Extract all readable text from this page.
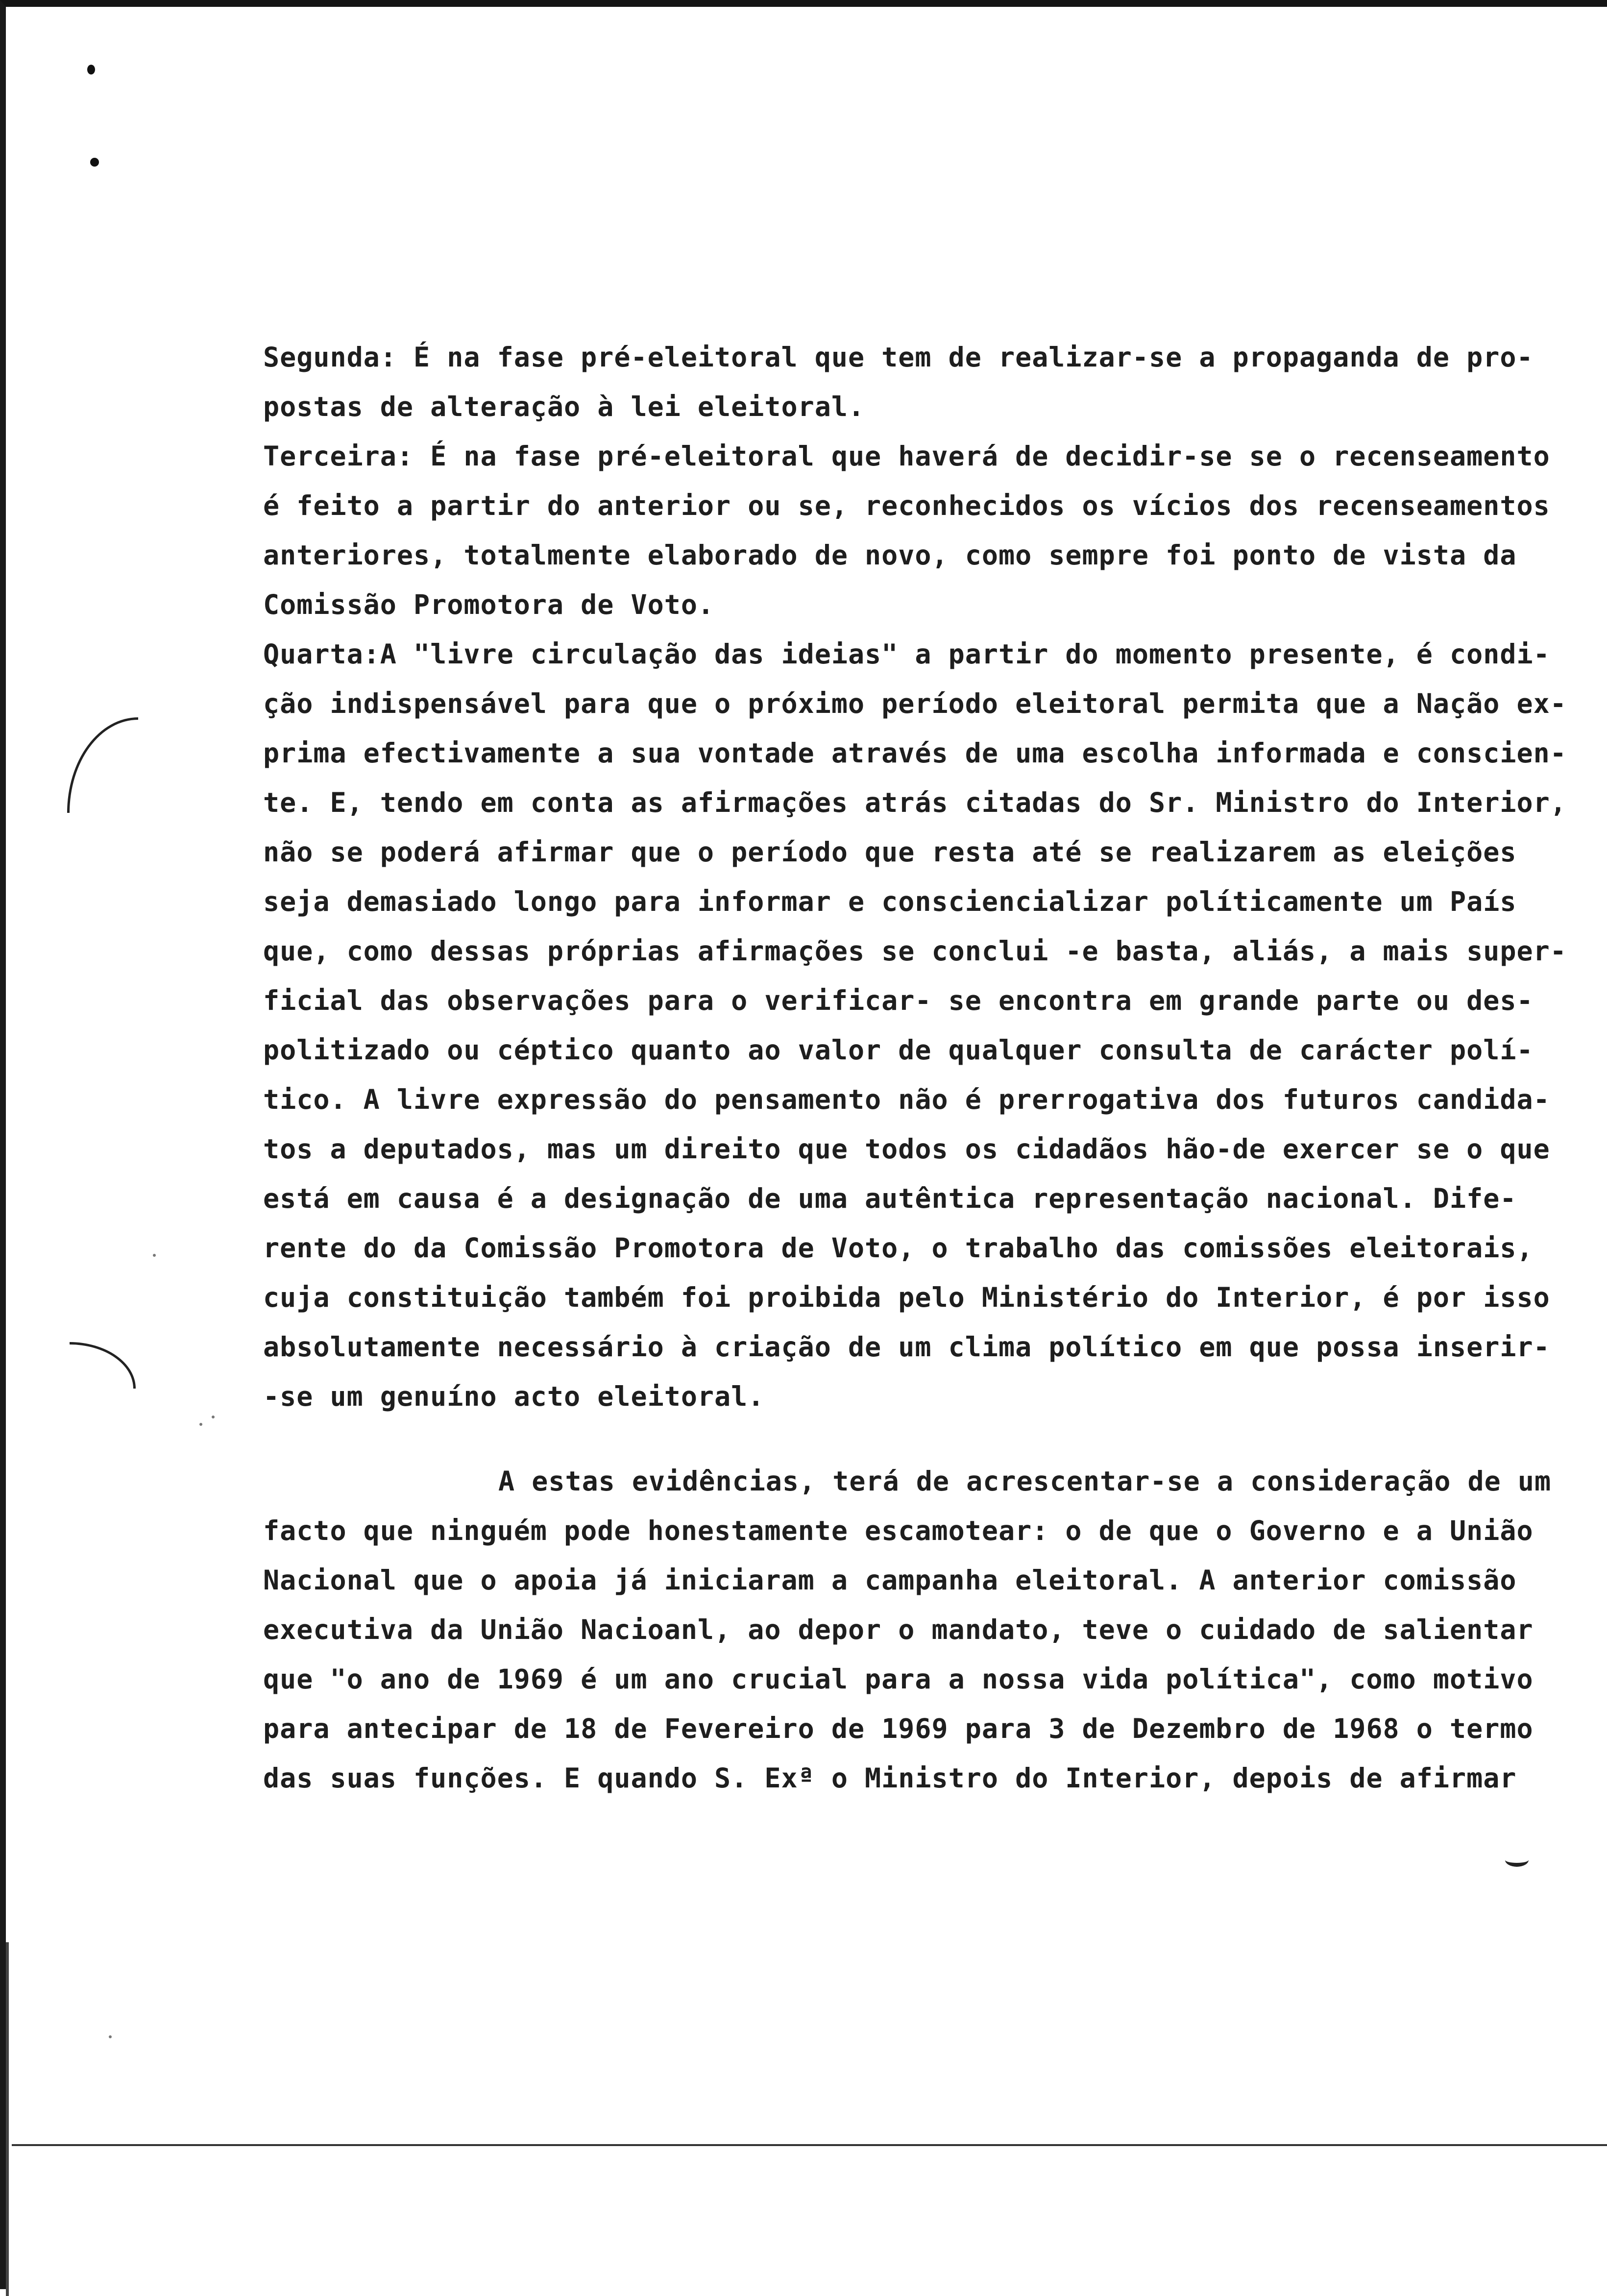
Segunda: É na fase pré-eleitoral que tem de realizar-se a propaganda de pro-

postas de alteração à lei eleitoral.

Terceira: É na fase pré-eleitoral que haverá de decidir-se se o recenseamento

é feito a partir do anterior ou se, reconhecidos os vícios dos recenseamentos

anteriores, totalmente elaborado de novo, como sempre foi ponto de vista da

Comissão Promotora de Voto.

Quarta:A "livre circulação das ideias" a partir do momento presente, é condi-

ção indispensável para que o próximo período eleitoral permita que a Nação ex-

prima efectivamente a sua vontade através de uma escolha informada e conscien-

te. E, tendo em conta as afirmações atrás citadas do Sr. Ministro do Interior,

não se poderá afirmar que o período que resta até se realizarem as eleições

seja demasiado longo para informar e consciencializar políticamente um País

que, como dessas próprias afirmações se conclui -e basta, aliás, a mais super-

ficial das observações para o verificar- se encontra em grande parte ou des-

politizado ou céptico quanto ao valor de qualquer consulta de carácter polí-

tico. A livre expressão do pensamento não é prerrogativa dos futuros candida-

tos a deputados, mas um direito que todos os cidadãos hão-de exercer se o que

está em causa é a designação de uma autêntica representação nacional. Dife-

rente do da Comissão Promotora de Voto, o trabalho das comissões eleitorais,

cuja constituição também foi proibida pelo Ministério do Interior, é por isso

absolutamente necessário à criação de um clima político em que possa inserir-

-se um genuíno acto eleitoral.

A estas evidências, terá de acrescentar-se a consideração de um

facto que ninguém pode honestamente escamotear: o de que o Governo e a União

Nacional que o apoia já iniciaram a campanha eleitoral. A anterior comissão

executiva da União Nacioanl, ao depor o mandato, teve o cuidado de salientar

que "o ano de 1969 é um ano crucial para a nossa vida política", como motivo

para antecipar de 18 de Fevereiro de 1969 para 3 de Dezembro de 1968 o termo

das suas funções. E quando S. Exª o Ministro do Interior, depois de afirmar
